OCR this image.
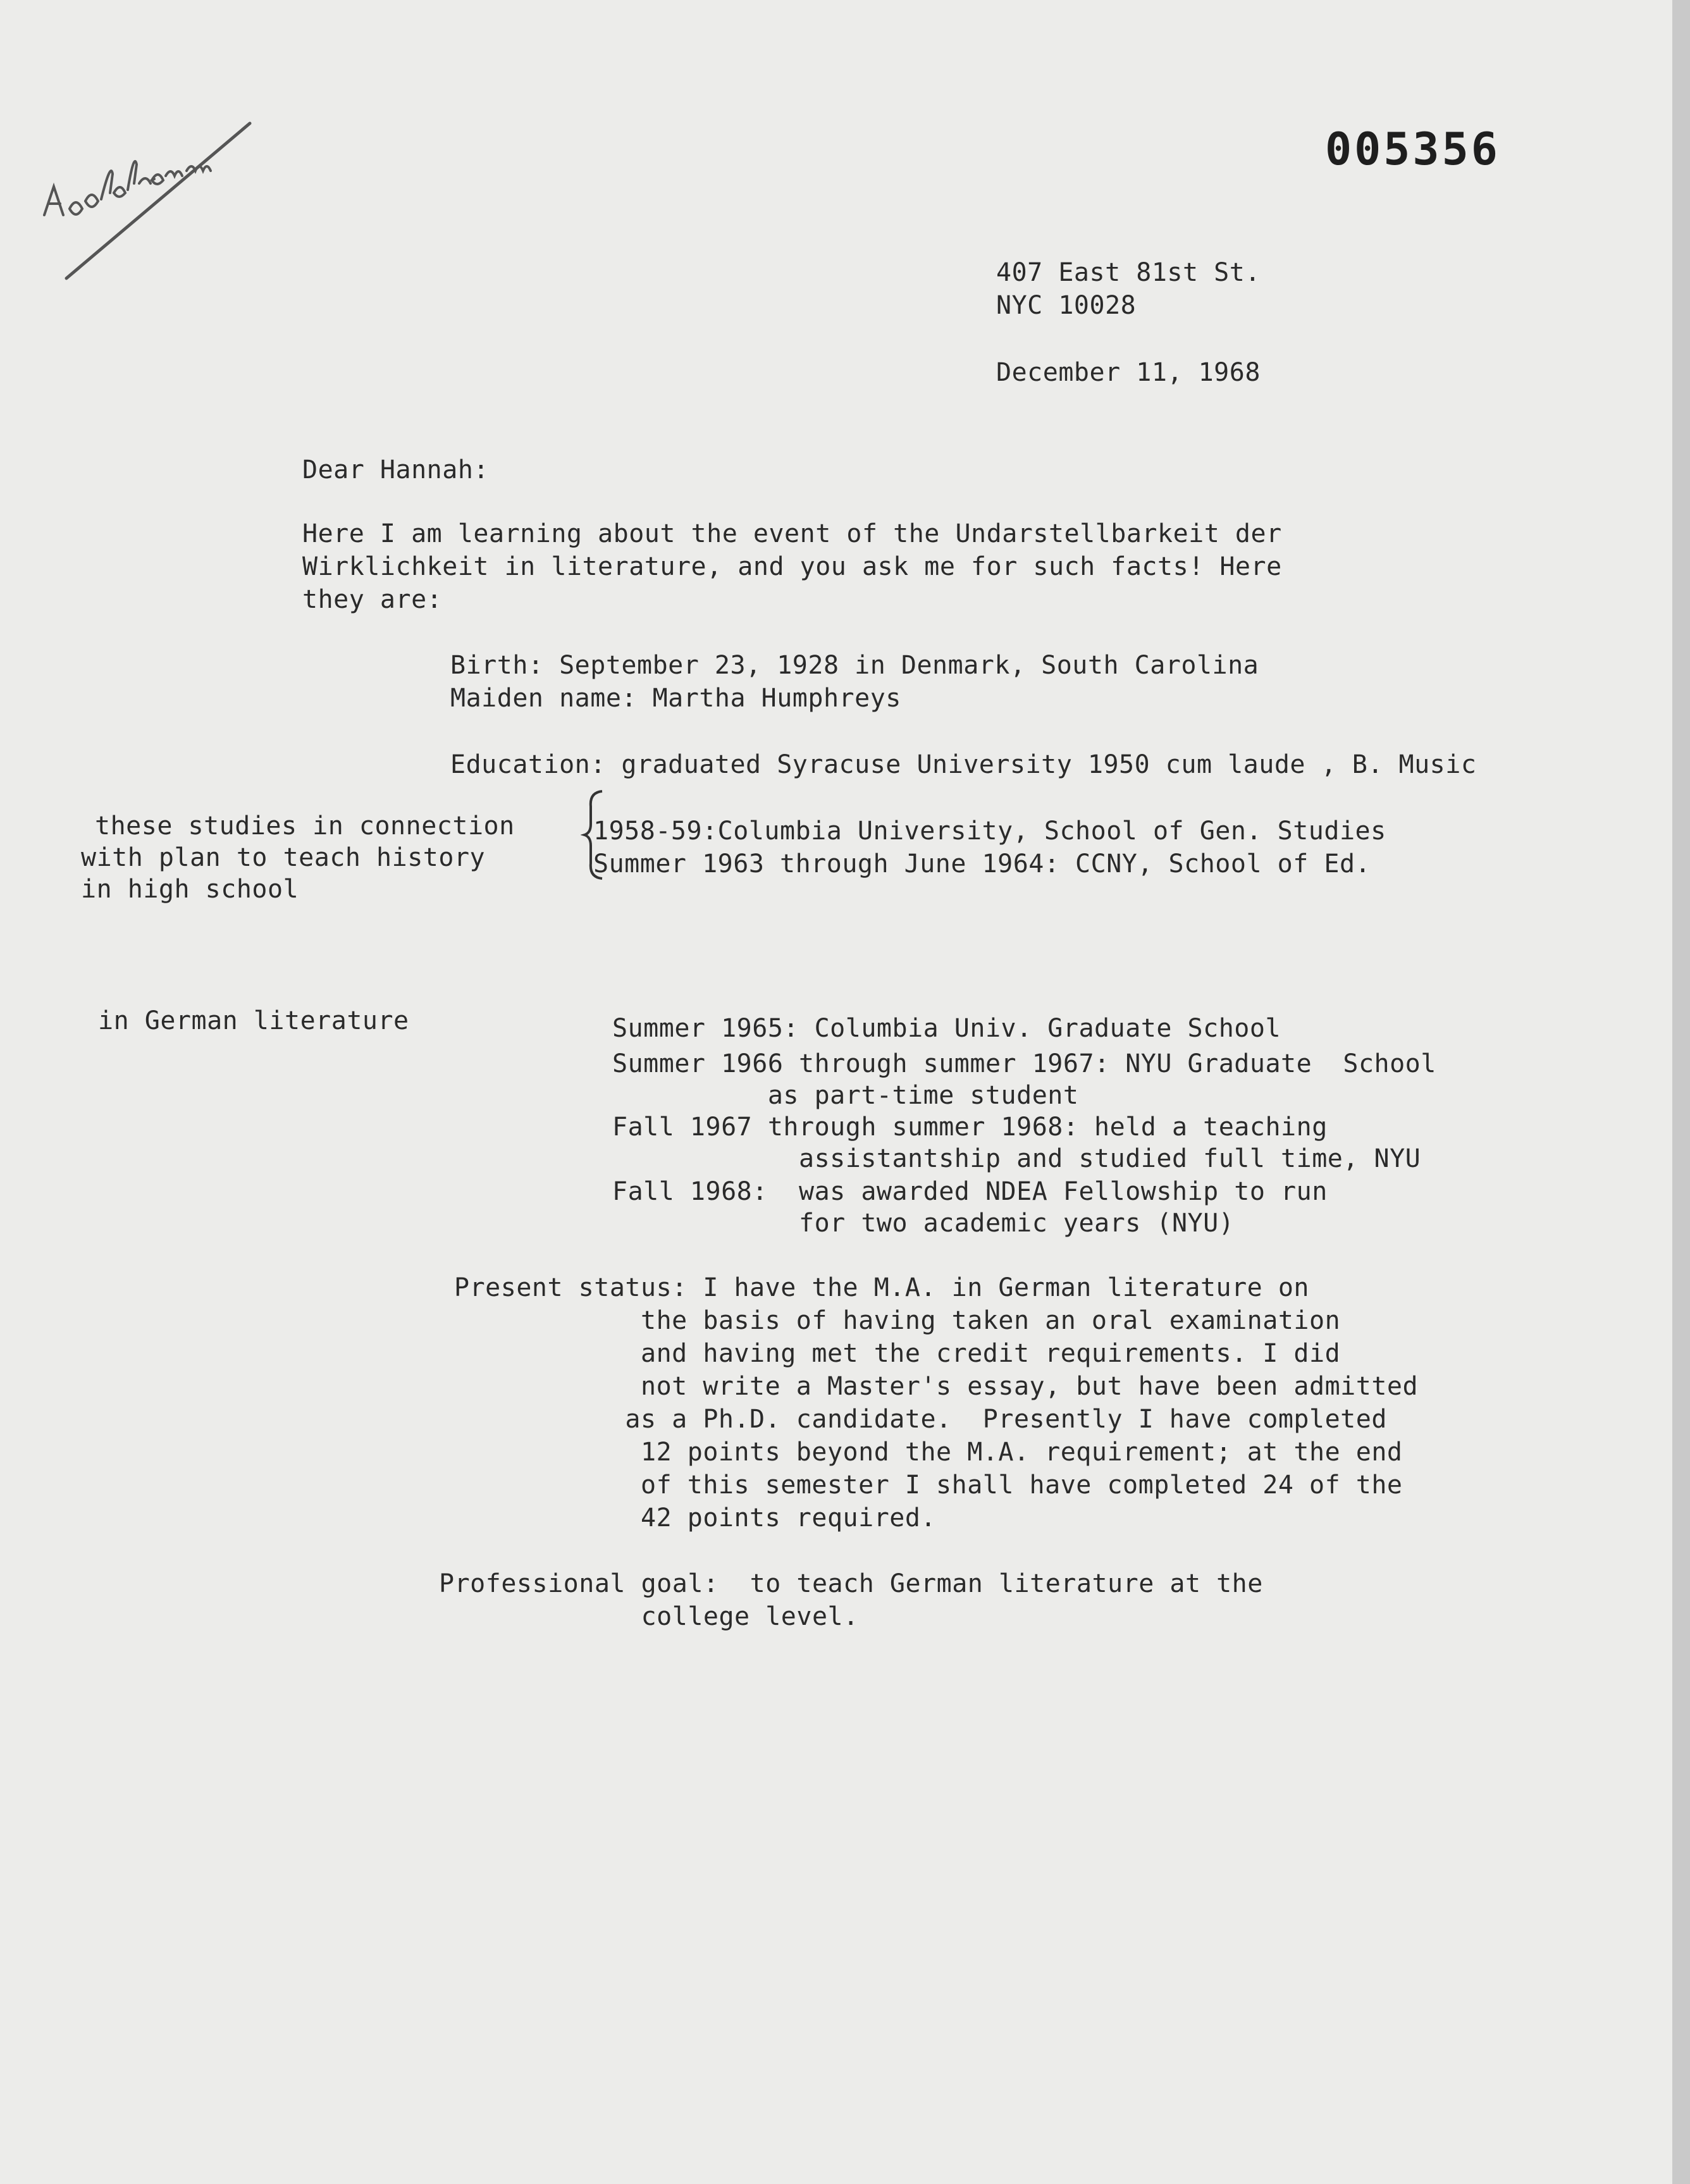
005356
407 East 81st St.
NYC 10028
December 11, 1968
Dear Hannah:
Here I am learning about the event of the Undarstellbarkeit der
Wirklichkeit in literature, and you ask me for such facts! Here
they are:
Birth: September 23, 1928 in Denmark, South Carolina
Maiden name: Martha Humphreys
Education: graduated Syracuse University 1950 cum laude , B. Music
these studies in connection
with plan to teach history
in high school
1958-59:Columbia University, School of Gen. Studies
Summer 1963 through June 1964: CCNY, School of Ed.
in German literature	Summer 1965: Columbia Univ. Graduate School
Summer 1966 through summer 1967: NYU Graduate  School
as part-time student
Fall 1967 through summer 1968: held a teaching
assistantship and studied full time, NYU
Fall 1968:  was awarded NDEA Fellowship to run
for two academic years (NYU)
Present status: I have the M.A. in German literature on
the basis of having taken an oral examination
and having met the credit requirements. I did
not write a Master's essay, but have been admitted
as a Ph.D. candidate.  Presently I have completed
12 points beyond the M.A. requirement; at the end
of this semester I shall have completed 24 of the
42 points required.
Professional goal:  to teach German literature at the
college level.
